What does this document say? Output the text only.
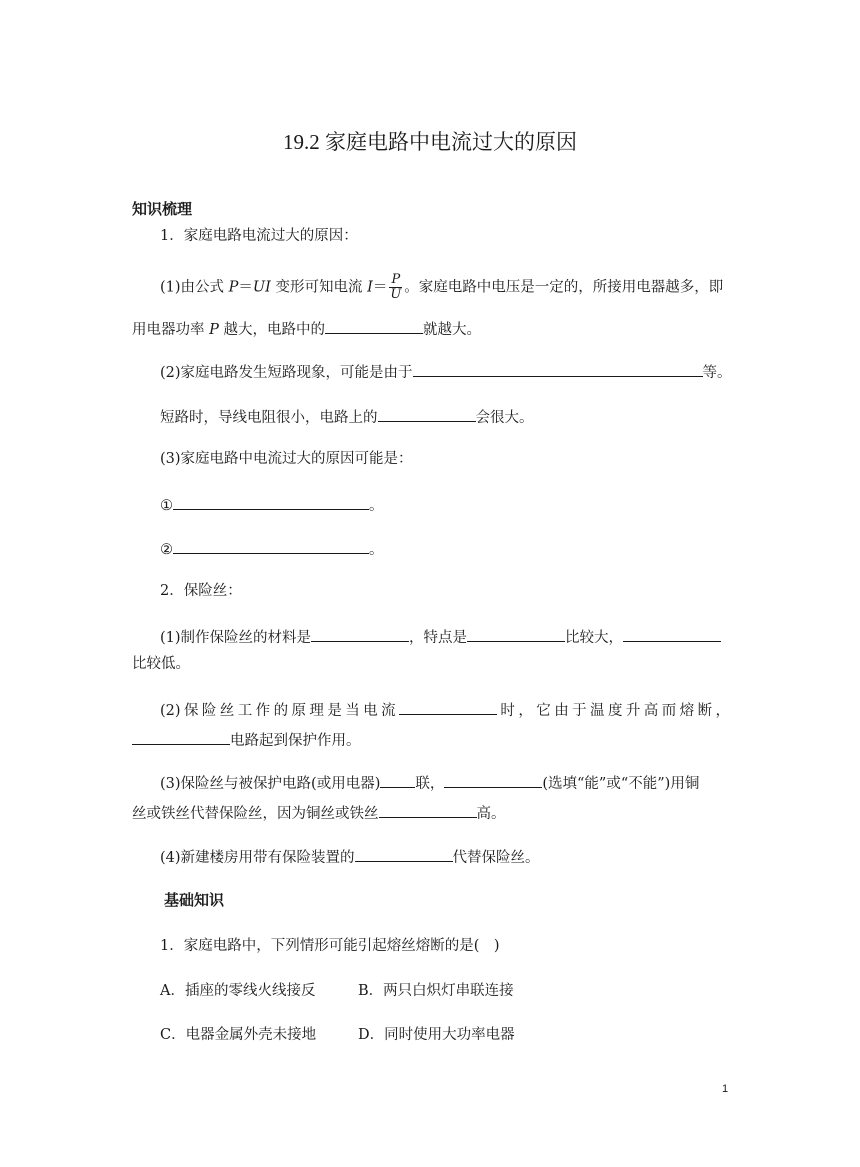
19.2 家庭电路中电流过大的原因
知识梳理
1．家庭电路电流过大的原因：
(1)由公式 P＝UI 变形可知电流 $I= \frac{P}{U}$ 。家庭电路中电压是一定的，所接用电器越多，即
用电器功率 P 越大，电路中的	就越大。
(2)家庭电路发生短路现象，可能是由于	等。
短路时，导线电阻很小，电路上的	会很大。
(3)家庭电路中电流过大的原因可能是：
①	。
②	。
2．保险丝：
(1)制作保险丝的材料是	，特点是	比较大，
比较低。
(2)保险丝工作的原理是当电流	时，它由于温度升高而熔断，
电路起到保护作用。
(3)保险丝与被保护电路(或用电器) 联，	(选填“能”或“不能”)用铜
丝或铁丝代替保险丝，因为铜丝或铁丝	高。
(4)新建楼房用带有保险装置的	代替保险丝。
基础知识
1．家庭电路中，下列情形可能引起熔丝熔断的是(　)
A．插座的零线火线接反	B．两只白炽灯串联连接
C．电器金属外壳未接地	D．同时使用大功率电器
1
